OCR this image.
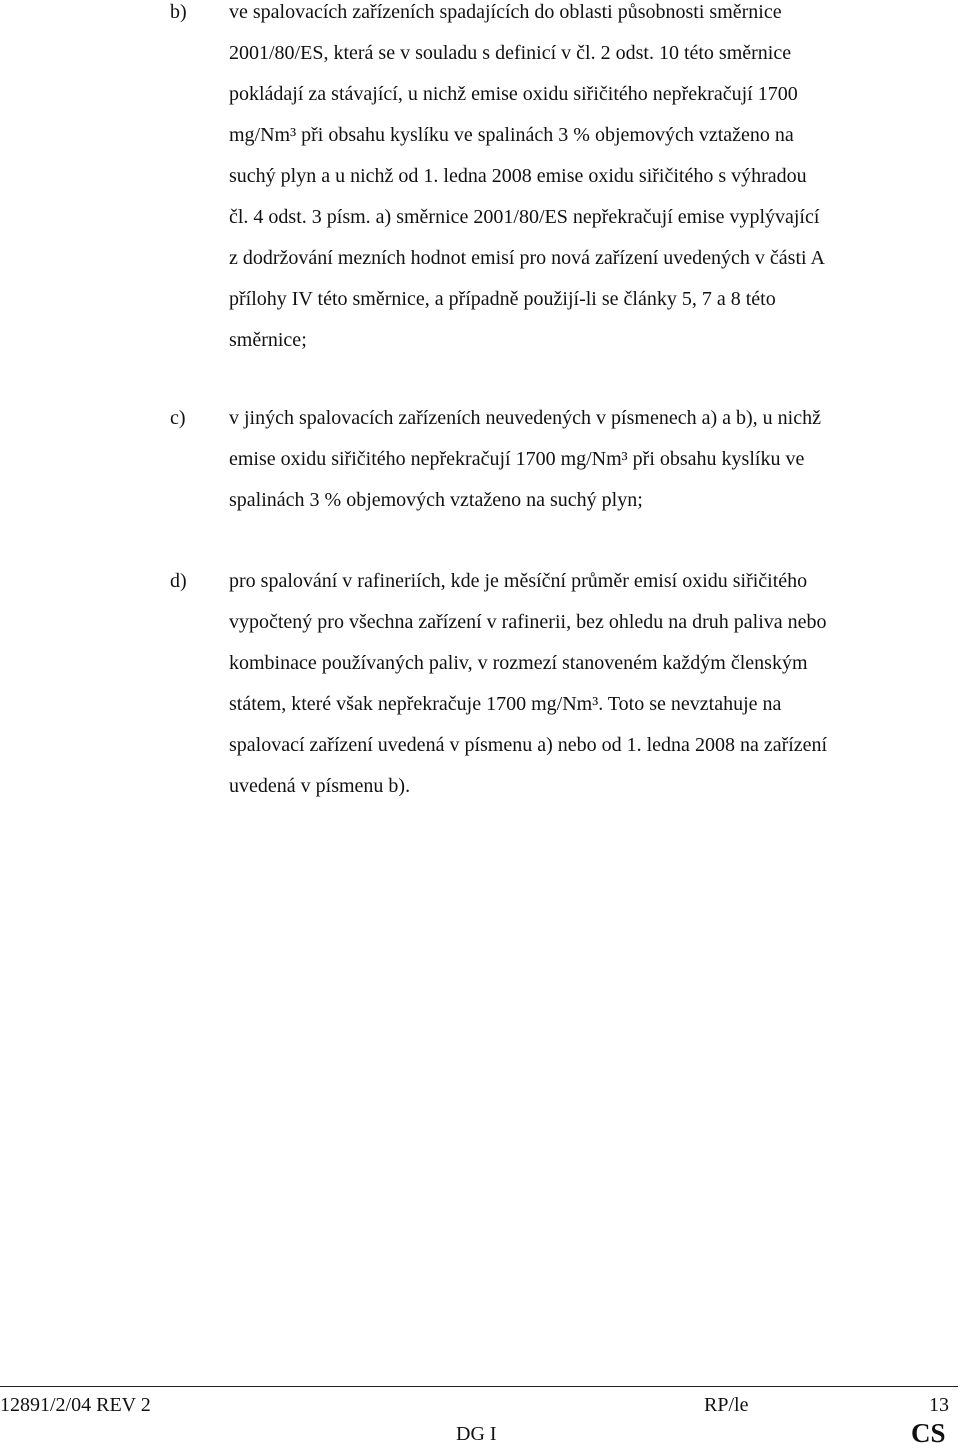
b) ve spalovacích zařízeních spadajících do oblasti působnosti směrnice
2001/80/ES, která se v souladu s definicí v čl. 2 odst. 10 této směrnice
pokládají za stávající, u nichž emise oxidu siřičitého nepřekračují 1700
mg/Nm³ při obsahu kyslíku ve spalinách 3 % objemových vztaženo na
suchý plyn a u nichž od 1. ledna 2008 emise oxidu siřičitého s výhradou
čl. 4 odst. 3 písm. a) směrnice 2001/80/ES nepřekračují emise vyplývající
z dodržování mezních hodnot emisí pro nová zařízení uvedených v části A
přílohy IV této směrnice, a případně použijí-li se články 5, 7 a 8 této
směrnice;
c) v jiných spalovacích zařízeních neuvedených v písmenech a) a b), u nichž
emise oxidu siřičitého nepřekračují 1700 mg/Nm³ při obsahu kyslíku ve
spalinách 3 % objemových vztaženo na suchý plyn;
d) pro spalování v rafineriích, kde je měsíční průměr emisí oxidu siřičitého
vypočtený pro všechna zařízení v rafinerii, bez ohledu na druh paliva nebo
kombinace používaných paliv, v rozmezí stanoveném každým členským
státem, které však nepřekračuje 1700 mg/Nm³. Toto se nevztahuje na
spalovací zařízení uvedená v písmenu a) nebo od 1. ledna 2008 na zařízení
uvedená v písmenu b).
12891/2/04 REV 2	RP/le	13
DG I	CS
